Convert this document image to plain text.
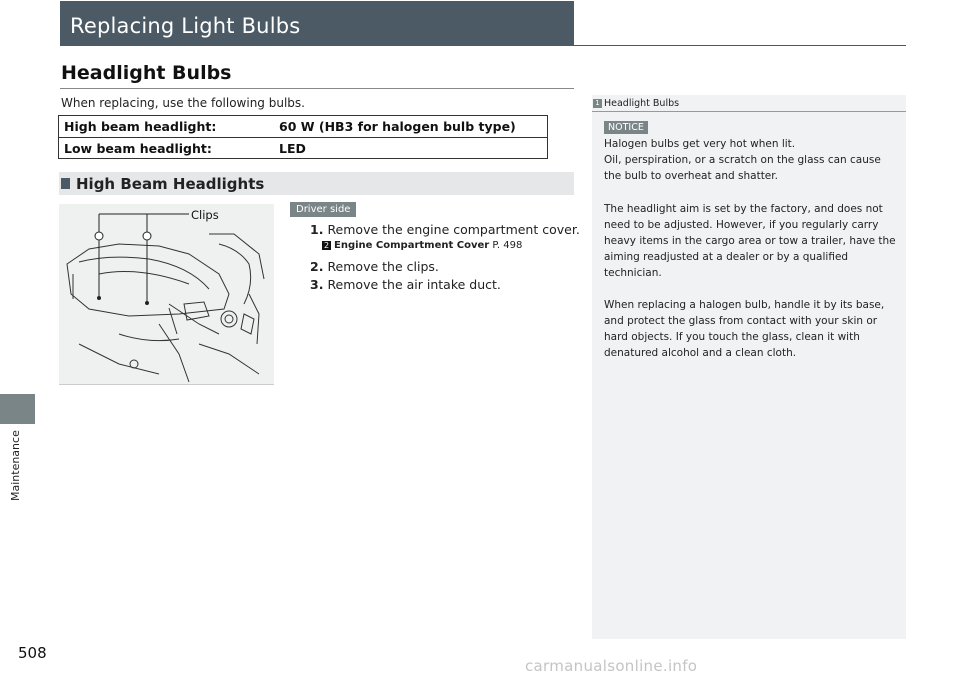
Replacing Light Bulbs
Maintenance
Headlight Bulbs
When replacing, use the following bulbs.
High beam headlight:	60 W (HB3 for halogen bulb type)
Low beam headlight:	LED
High Beam Headlights
Clips	Driver side
1. Remove the engine compartment cover.
2 Engine Compartment Cover P. 498
2. Remove the clips.
3. Remove the air intake duct.
1 Headlight Bulbs
NOTICE
Halogen bulbs get very hot when lit.
Oil, perspiration, or a scratch on the glass can cause the bulb to overheat and shatter.
The headlight aim is set by the factory, and does not need to be adjusted. However, if you regularly carry heavy items in the cargo area or tow a trailer, have the aiming readjusted at a dealer or by a qualified technician.
When replacing a halogen bulb, handle it by its base, and protect the glass from contact with your skin or hard objects. If you touch the glass, clean it with denatured alcohol and a clean cloth.
508
carmanualsonline.info
